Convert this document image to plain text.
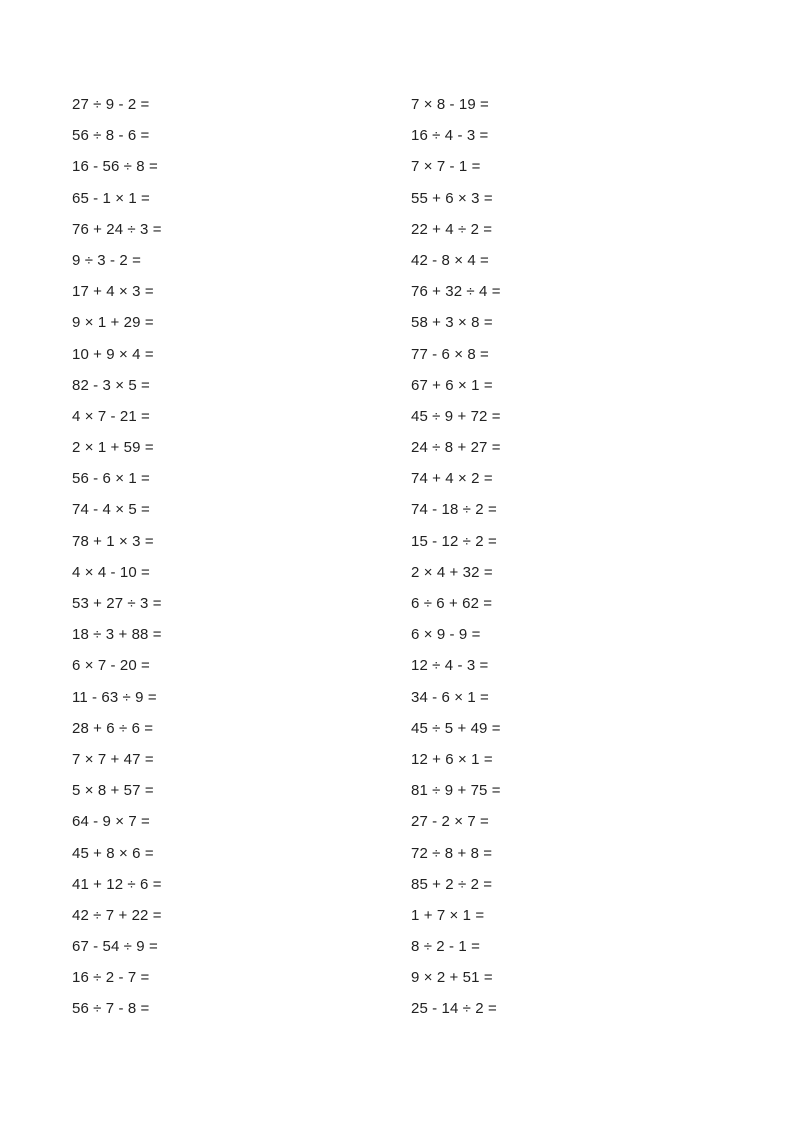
27 ÷ 9 - 2 =
56 ÷ 8 - 6 =
16 - 56 ÷ 8 =
65 - 1 × 1 =
76 + 24 ÷ 3 =
9 ÷ 3 - 2 =
17 + 4 × 3 =
9 × 1 + 29 =
10 + 9 × 4 =
82 - 3 × 5 =
4 × 7 - 21 =
2 × 1 + 59 =
56 - 6 × 1 =
74 - 4 × 5 =
78 + 1 × 3 =
4 × 4 - 10 =
53 + 27 ÷ 3 =
18 ÷ 3 + 88 =
6 × 7 - 20 =
11 - 63 ÷ 9 =
28 + 6 ÷ 6 =
7 × 7 + 47 =
5 × 8 + 57 =
64 - 9 × 7 =
45 + 8 × 6 =
41 + 12 ÷ 6 =
42 ÷ 7 + 22 =
67 - 54 ÷ 9 =
16 ÷ 2 - 7 =
56 ÷ 7 - 8 =
7 × 8 - 19 =
16 ÷ 4 - 3 =
7 × 7 - 1 =
55 + 6 × 3 =
22 + 4 ÷ 2 =
42 - 8 × 4 =
76 + 32 ÷ 4 =
58 + 3 × 8 =
77 - 6 × 8 =
67 + 6 × 1 =
45 ÷ 9 + 72 =
24 ÷ 8 + 27 =
74 + 4 × 2 =
74 - 18 ÷ 2 =
15 - 12 ÷ 2 =
2 × 4 + 32 =
6 ÷ 6 + 62 =
6 × 9 - 9 =
12 ÷ 4 - 3 =
34 - 6 × 1 =
45 ÷ 5 + 49 =
12 + 6 × 1 =
81 ÷ 9 + 75 =
27 - 2 × 7 =
72 ÷ 8 + 8 =
85 + 2 ÷ 2 =
1 + 7 × 1 =
8 ÷ 2 - 1 =
9 × 2 + 51 =
25 - 14 ÷ 2 =
